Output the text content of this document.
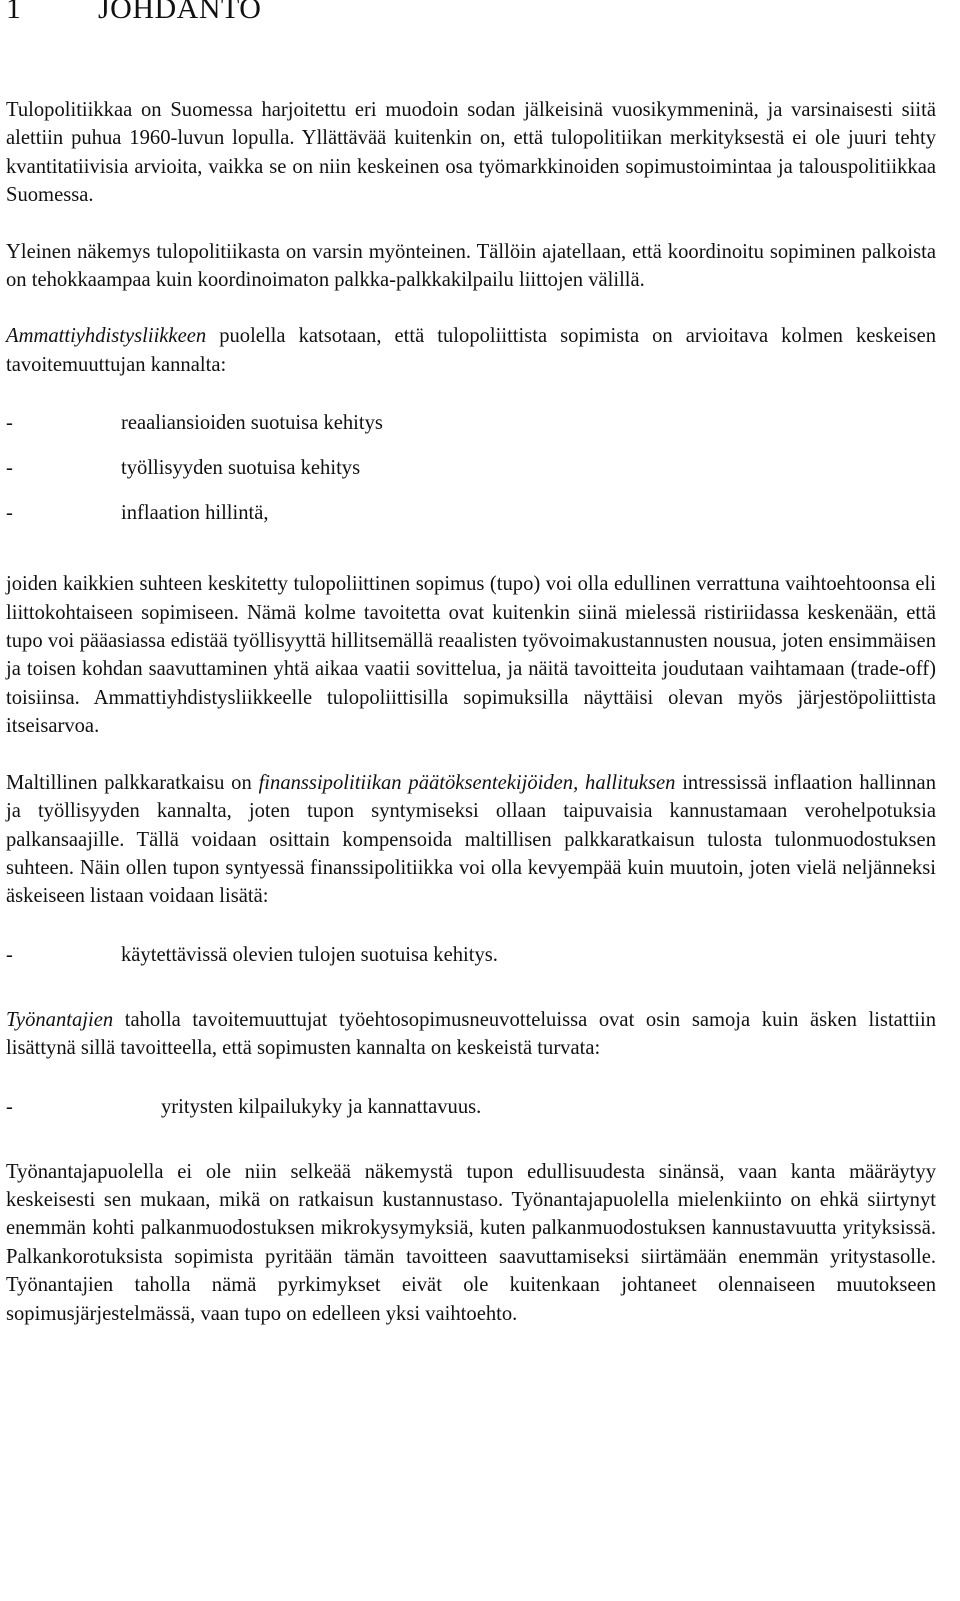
1	JOHDANTO

Tulopolitiikkaa on Suomessa harjoitettu eri muodoin sodan jälkeisinä vuosikymmeninä, ja varsinaisesti siitä alettiin puhua 1960-luvun lopulla. Yllättävää kuitenkin on, että tulopolitiikan merkityksestä ei ole juuri tehty kvantitatiivisia arvioita, vaikka se on niin keskeinen osa työmarkkinoiden sopimustoimintaa ja talouspolitiikkaa Suomessa.

Yleinen näkemys tulopolitiikasta on varsin myönteinen. Tällöin ajatellaan, että koordinoitu sopiminen palkoista on tehokkaampaa kuin koordinoimaton palkka-palkkakilpailu liittojen välillä.

Ammattiyhdistysliikkeen puolella katsotaan, että tulopoliittista sopimista on arvioitava kolmen keskeisen tavoitemuuttujan kannalta:

-	reaaliansioiden suotuisa kehitys
-	työllisyyden suotuisa kehitys
-	inflaation hillintä,

joiden kaikkien suhteen keskitetty tulopoliittinen sopimus (tupo) voi olla edullinen verrattuna vaihtoehtoonsa eli liittokohtaiseen sopimiseen. Nämä kolme tavoitetta ovat kuitenkin siinä mielessä ristiriidassa keskenään, että tupo voi pääasiassa edistää työllisyyttä hillitsemällä reaalisten työvoimakustannusten nousua, joten ensimmäisen ja toisen kohdan saavuttaminen yhtä aikaa vaatii sovittelua, ja näitä tavoitteita joudutaan vaihtamaan (trade-off) toisiinsa. Ammattiyhdistysliikkeelle tulopoliittisilla sopimuksilla näyttäisi olevan myös järjestöpoliittista itseisarvoa.

Maltillinen palkkaratkaisu on finanssipolitiikan päätöksentekijöiden, hallituksen intressissä inflaation hallinnan ja työllisyyden kannalta, joten tupon syntymiseksi ollaan taipuvaisia kannustamaan verohelpotuksia palkansaajille. Tällä voidaan osittain kompensoida maltillisen palkkaratkaisun tulosta tulonmuodostuksen suhteen. Näin ollen tupon syntyessä finanssipolitiikka voi olla kevyempää kuin muutoin, joten vielä neljänneksi äskeiseen listaan voidaan lisätä:

-	käytettävissä olevien tulojen suotuisa kehitys.

Työnantajien taholla tavoitemuuttujat työehtosopimusneuvotteluissa ovat osin samoja kuin äsken listattiin lisättynä sillä tavoitteella, että sopimusten kannalta on keskeistä turvata:

-	yritysten kilpailukyky ja kannattavuus.

Työnantajapuolella ei ole niin selkeää näkemystä tupon edullisuudesta sinänsä, vaan kanta määräytyy keskeisesti sen mukaan, mikä on ratkaisun kustannustaso. Työnantajapuolella mielenkiinto on ehkä siirtynyt enemmän kohti palkanmuodostuksen mikrokysymyksiä, kuten palkanmuodostuksen kannustavuutta yrityksissä. Palkankorotuksista sopimista pyritään tämän tavoitteen saavuttamiseksi siirtämään enemmän yritystasolle. Työnantajien taholla nämä pyrkimykset eivät ole kuitenkaan johtaneet olennaiseen muutokseen sopimusjärjestelmässä, vaan tupo on edelleen yksi vaihtoehto.
